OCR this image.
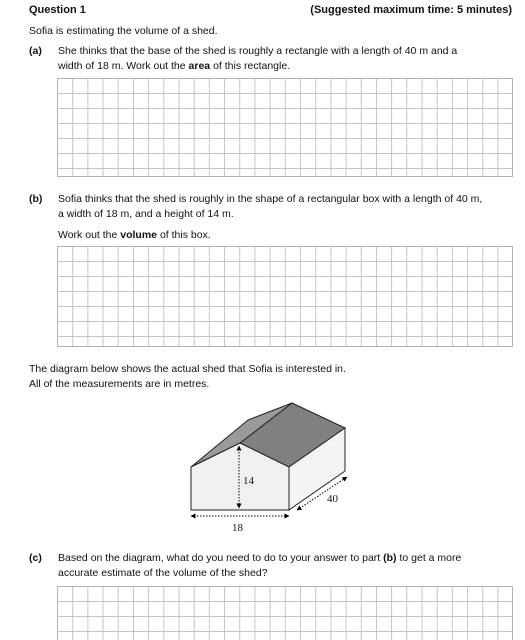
Question 1	(Suggested maximum time: 5 minutes)
Sofia is estimating the volume of a shed.
(a) She thinks that the base of the shed is roughly a rectangle with a length of 40 m and a
width of 18 m. Work out the area of this rectangle.
(b) Sofia thinks that the shed is roughly in the shape of a rectangular box with a length of 40 m,
a width of 18 m, and a height of 14 m.
Work out the volume of this box.
The diagram below shows the actual shed that Sofia is interested in.
All of the measurements are in metres.
14
18
40
(c) Based on the diagram, what do you need to do to your answer to part (b) to get a more
accurate estimate of the volume of the shed?
